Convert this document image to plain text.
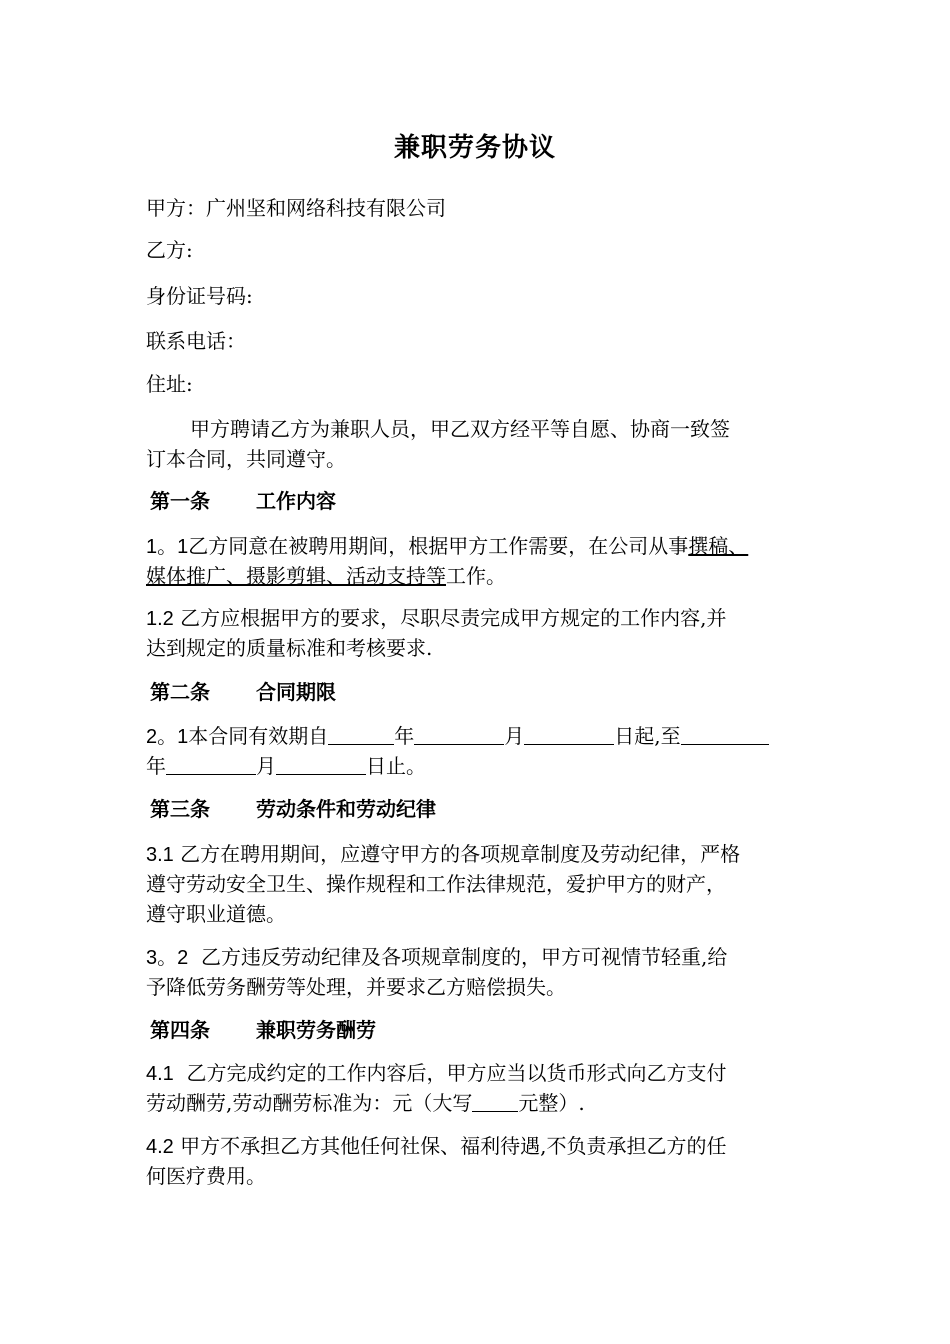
兼职劳务协议
甲方：广州坚和网络科技有限公司
乙方:
身份证号码:
联系电话：
住址:
甲方聘请乙方为兼职人员，甲乙双方经平等自愿、协商一致签
订本合同，共同遵守。
第一条 工作内容
1。1乙方同意在被聘用期间，根据甲方工作需要，在公司从事撰稿、
媒体推广、摄影剪辑、活动支持等工作。
1.2 乙方应根据甲方的要求，尽职尽责完成甲方规定的工作内容,并
达到规定的质量标准和考核要求.
第二条 合同期限
2。1本合同有效期自	年	月	日起,至
年	月	日止。
第三条 劳动条件和劳动纪律
3.1 乙方在聘用期间，应遵守甲方的各项规章制度及劳动纪律，严格
遵守劳动安全卫生、操作规程和工作法律规范，爱护甲方的财产，
遵守职业道德。
3。2 乙方违反劳动纪律及各项规章制度的，甲方可视情节轻重,给
予降低劳务酬劳等处理，并要求乙方赔偿损失。
第四条 兼职劳务酬劳
4.1 乙方完成约定的工作内容后，甲方应当以货币形式向乙方支付
劳动酬劳,劳动酬劳标准为：元（大写 元整）.
4.2 甲方不承担乙方其他任何社保、福利待遇,不负责承担乙方的任
何医疗费用。
